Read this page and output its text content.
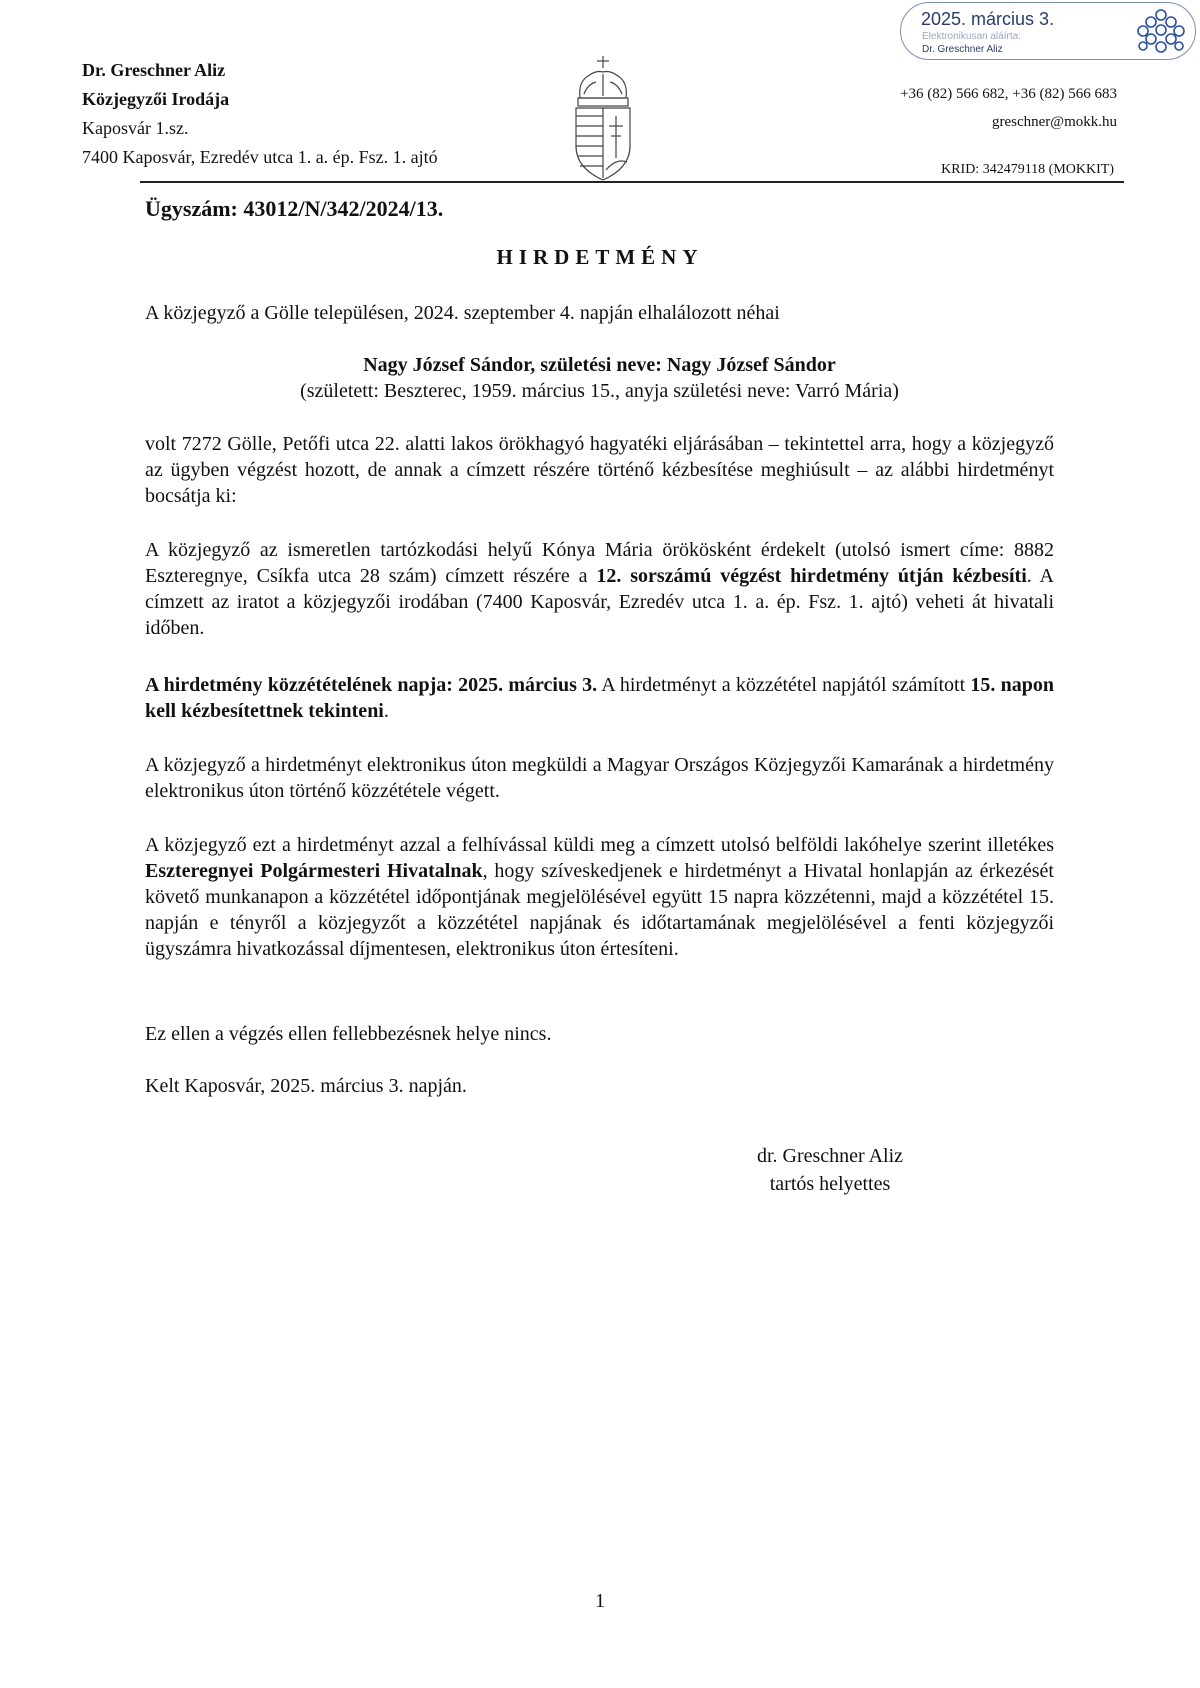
Dr. Greschner Aliz
Közjegyzői Irodája
Kaposvár 1.sz.
7400 Kaposvár, Ezredév utca 1. a. ép. Fsz. 1. ajtó
2025. március 3.
Elektronikusan aláírta:
Dr. Greschner Aliz
+36 (82) 566 682, +36 (82) 566 683
greschner@mokk.hu
KRID: 342479118 (MOKKIT)
Ügyszám: 43012/N/342/2024/13.
HIRDETMÉNY

A közjegyző a Gölle településen, 2024. szeptember 4. napján elhalálozott néhai

Nagy József Sándor, születési neve: Nagy József Sándor

(született: Beszterec, 1959. március 15., anyja születési neve: Varró Mária)

volt 7272 Gölle, Petőfi utca 22. alatti lakos örökhagyó hagyatéki eljárásában – tekintettel arra, hogy a közjegyző az ügyben végzést hozott, de annak a címzett részére történő kézbesítése meghiúsult – az alábbi hirdetményt bocsátja ki:

A közjegyző az ismeretlen tartózkodási helyű Kónya Mária örökösként érdekelt (utolsó ismert címe: 8882 Eszteregnye, Csíkfa utca 28 szám) címzett részére a 12. sorszámú végzést hirdetmény útján kézbesíti. A címzett az iratot a közjegyzői irodában (7400 Kaposvár, Ezredév utca 1. a. ép. Fsz. 1. ajtó) veheti át hivatali időben.

A hirdetmény közzétételének napja: 2025. március 3. A hirdetményt a közzététel napjától számított 15. napon kell kézbesítettnek tekinteni.

A közjegyző a hirdetményt elektronikus úton megküldi a Magyar Országos Közjegyzői Kamarának a hirdetmény elektronikus úton történő közzététele végett.

A közjegyző ezt a hirdetményt azzal a felhívással küldi meg a címzett utolsó belföldi lakóhelye szerint illetékes Eszteregnyei Polgármesteri Hivatalnak, hogy szíveskedjenek e hirdetményt a Hivatal honlapján az érkezését követő munkanapon a közzététel időpontjának megjelölésével együtt 15 napra közzétenni, majd a közzététel 15. napján e tényről a közjegyzőt a közzététel napjának és időtartamának megjelölésével a fenti közjegyzői ügyszámra hivatkozással díjmentesen, elektronikus úton értesíteni.

Ez ellen a végzés ellen fellebbezésnek helye nincs.

Kelt Kaposvár, 2025. március 3. napján.

dr. Greschner Aliz
tartós helyettes
1
